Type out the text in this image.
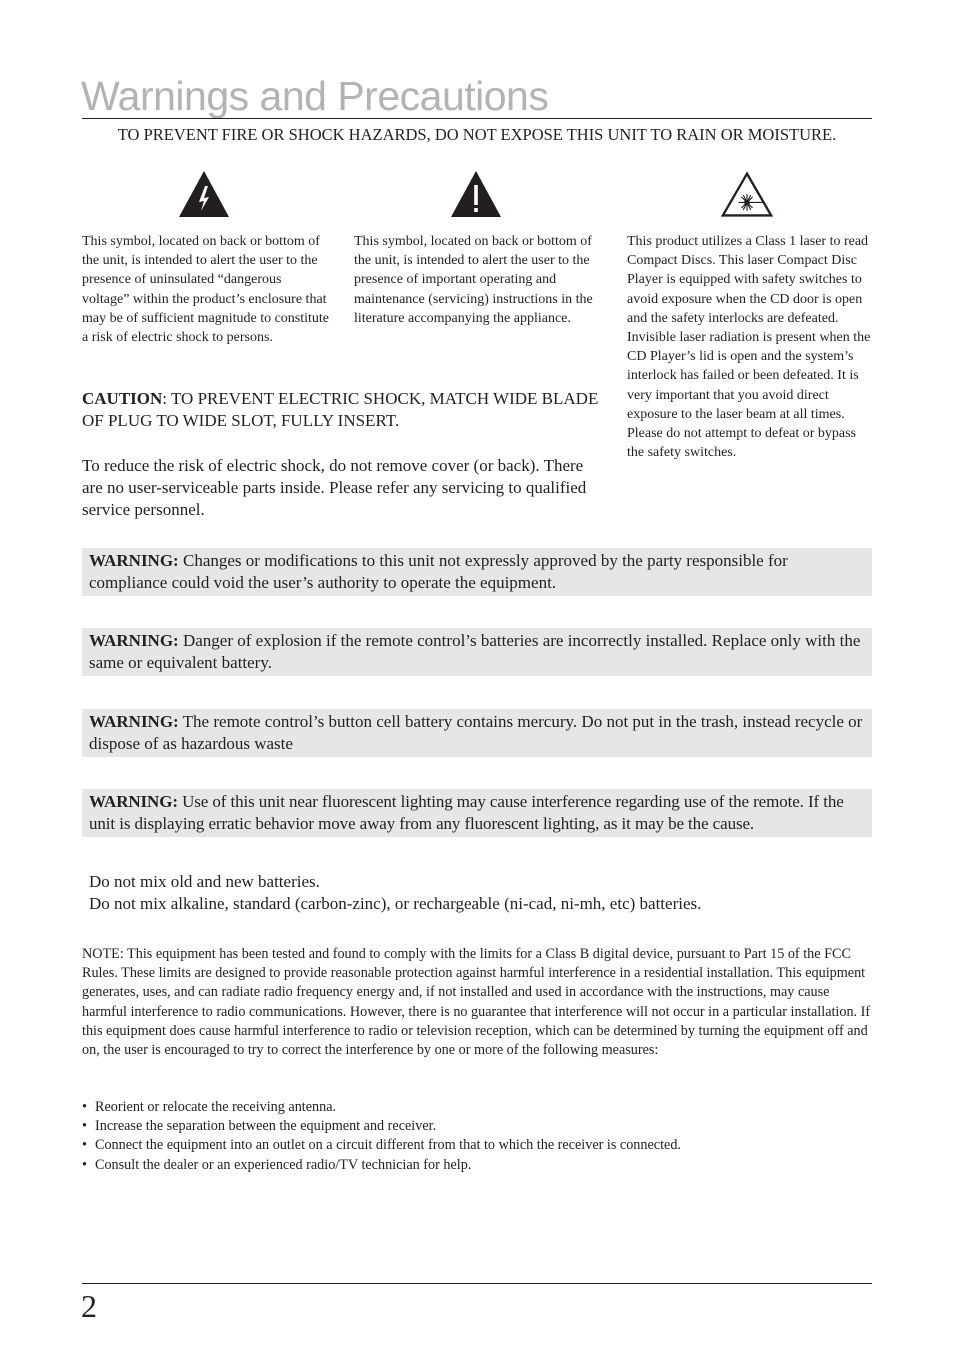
Warnings and Precautions
TO PREVENT FIRE OR SHOCK HAZARDS, DO NOT EXPOSE THIS UNIT TO RAIN OR MOISTURE.
This symbol, located on back or bottom of the unit, is intended to alert the user to the presence of uninsulated “dangerous voltage” within the product’s enclosure that may be of sufficient magnitude to constitute a risk of electric shock to persons.
This symbol, located on back or bottom of the unit, is intended to alert the user to the presence of important operating and maintenance (servicing) instructions in the literature accompanying the appliance.
This product utilizes a Class 1 laser to read Compact Discs. This laser Compact Disc Player is equipped with safety switches to avoid exposure when the CD door is open and the safety interlocks are defeated. Invisible laser radiation is present when the CD Player’s lid is open and the system’s interlock has failed or been defeated. It is very important that you avoid direct exposure to the laser beam at all times. Please do not attempt to defeat or bypass the safety switches.
CAUTION: TO PREVENT ELECTRIC SHOCK, MATCH WIDE BLADE OF PLUG TO WIDE SLOT, FULLY INSERT.
To reduce the risk of electric shock, do not remove cover (or back). There are no user-serviceable parts inside. Please refer any servicing to qualified service personnel.
WARNING: Changes or modifications to this unit not expressly approved by the party responsible for compliance could void the user’s authority to operate the equipment.
WARNING: Danger of explosion if the remote control’s batteries are incorrectly installed. Replace only with the same or equivalent battery.
WARNING: The remote control’s button cell battery contains mercury. Do not put in the trash, instead recycle or dispose of as hazardous waste
WARNING: Use of this unit near fluorescent lighting may cause interference regarding use of the remote. If the unit is displaying erratic behavior move away from any fluorescent lighting, as it may be the cause.
Do not mix old and new batteries.
Do not mix alkaline, standard (carbon-zinc), or rechargeable (ni-cad, ni-mh, etc) batteries.
NOTE: This equipment has been tested and found to comply with the limits for a Class B digital device, pursuant to Part 15 of the FCC Rules. These limits are designed to provide reasonable protection against harmful interference in a residential installation. This equipment generates, uses, and can radiate radio frequency energy and, if not installed and used in accordance with the instructions, may cause harmful interference to radio communications. However, there is no guarantee that interference will not occur in a particular installation. If this equipment does cause harmful interference to radio or television reception, which can be determined by turning the equipment off and on, the user is encouraged to try to correct the interference by one or more of the following measures:
• Reorient or relocate the receiving antenna.
• Increase the separation between the equipment and receiver.
• Connect the equipment into an outlet on a circuit different from that to which the receiver is connected.
• Consult the dealer or an experienced radio/TV technician for help.
2
